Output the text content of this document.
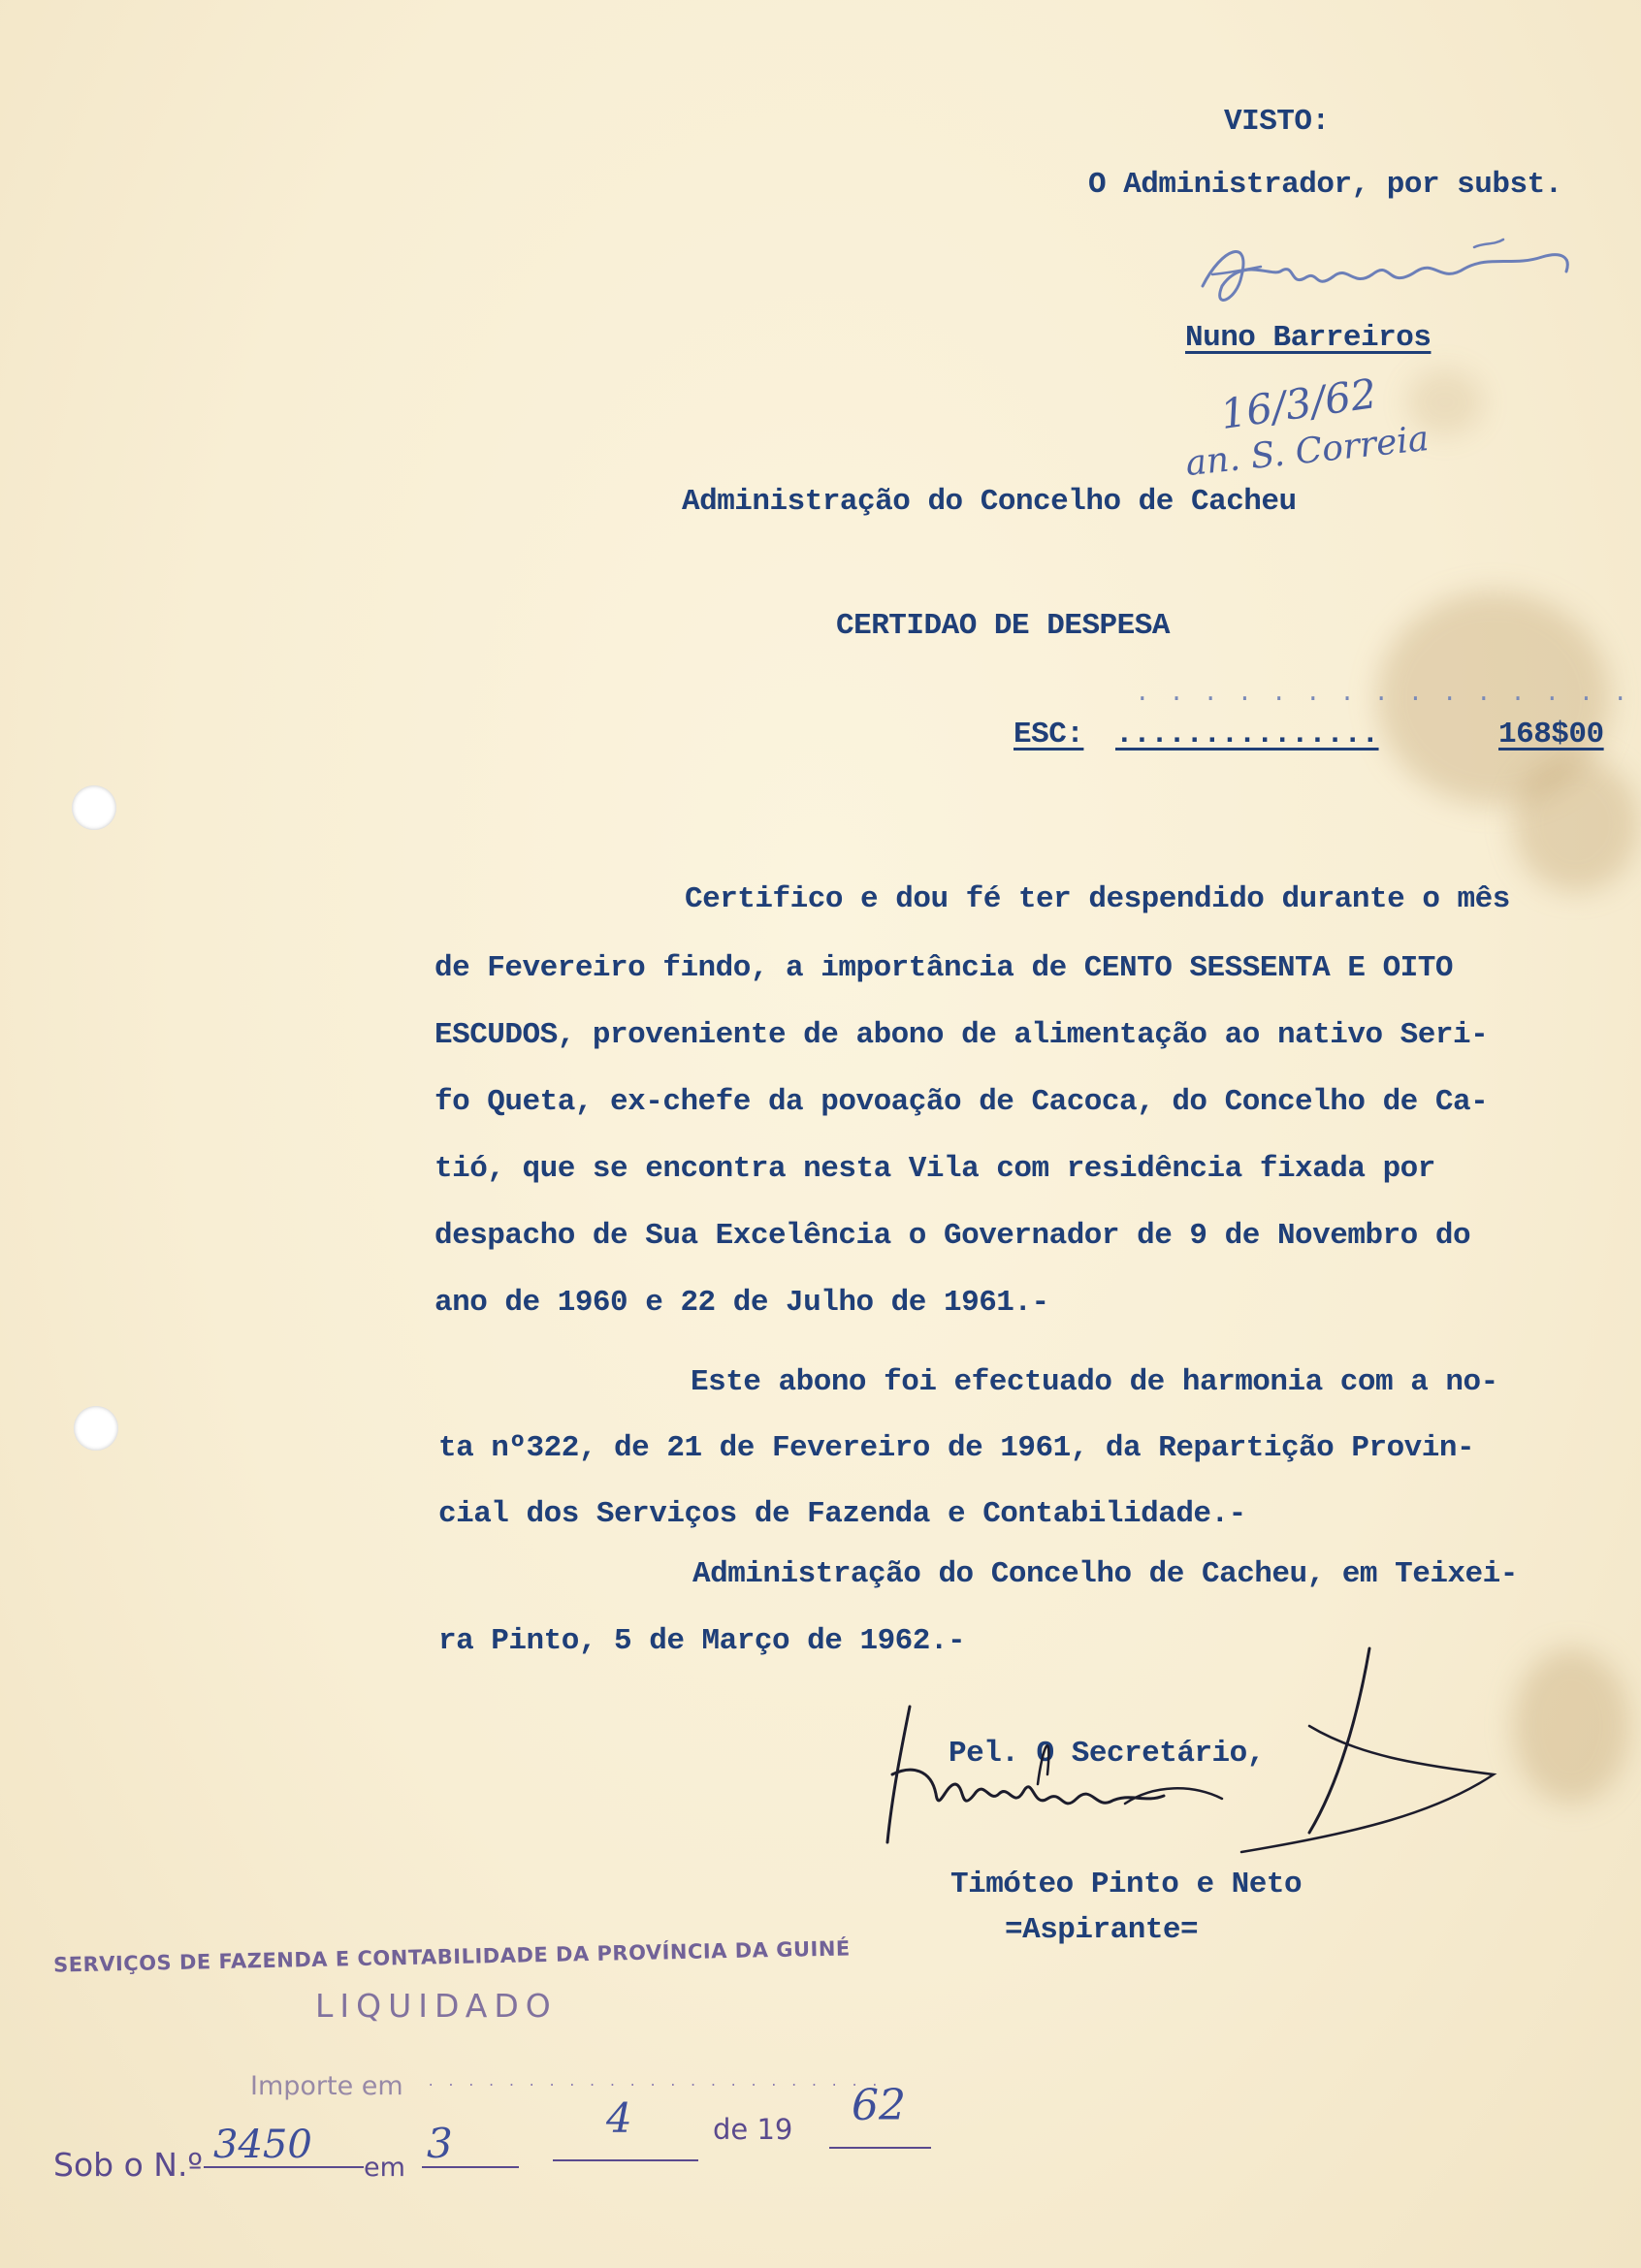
VISTO:
O Administrador, por subst.
Nuno Barreiros
16/3/62
an. S. Correia
Administração do Concelho de Cacheu
CERTIDAO DE DESPESA
. . . . . . . . . . . . . . .
ESC: ...............	168$00
Certifico e dou fé ter despendido durante o mês
de Fevereiro findo, a importância de CENTO SESSENTA E OITO
ESCUDOS, proveniente de abono de alimentação ao nativo Seri-
fo Queta, ex-chefe da povoação de Cacoca, do Concelho de Ca-
tió, que se encontra nesta Vila com residência fixada por
despacho de Sua Excelência o Governador de 9 de Novembro do
ano de 1960 e 22 de Julho de 1961.-
Este abono foi efectuado de harmonia com a no-
ta nº322, de 21 de Fevereiro de 1961, da Repartição Provin-
cial dos Serviços de Fazenda e Contabilidade.-
Administração do Concelho de Cacheu, em Teixei-
ra Pinto, 5 de Março de 1962.-
Pel. O Secretário,
Timóteo Pinto e Neto
=Aspirante=
SERVIÇOS DE FAZENDA E CONTABILIDADE DA PROVÍNCIA DA GUINÉ
LIQUIDADO
Importe em . . . . . . . . . . . . . . . . . . . . . . .
Sob o N.º 3450
em
3
4	de 19 62
